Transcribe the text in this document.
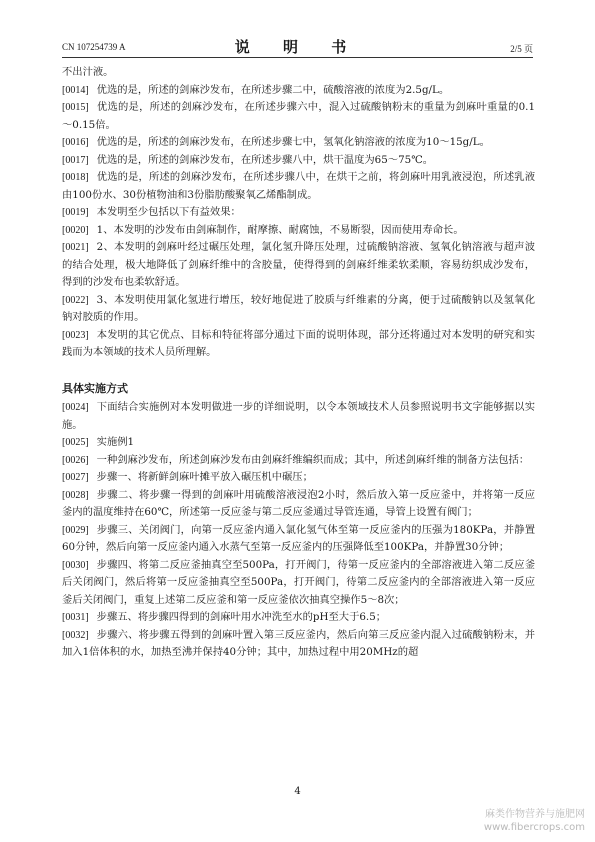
CN 107254739 A	说 明 书	2/5 页

不出汁液。

[0014] 优选的是，所述的剑麻沙发布，在所述步骤二中，硫酸溶液的浓度为2.5g/L。

[0015] 优选的是，所述的剑麻沙发布，在所述步骤六中，混入过硫酸钠粉末的重量为剑麻叶重量的0.1～0.15倍。

[0016] 优选的是，所述的剑麻沙发布，在所述步骤七中，氢氧化钠溶液的浓度为10～15g/L。

[0017] 优选的是，所述的剑麻沙发布，在所述步骤八中，烘干温度为65～75℃。

[0018] 优选的是，所述的剑麻沙发布，在所述步骤八中，在烘干之前，将剑麻叶用乳液浸泡，所述乳液由100份水、30份植物油和3份脂肪酸聚氧乙烯酯制成。

[0019] 本发明至少包括以下有益效果：

[0020] 1、本发明的沙发布由剑麻制作，耐摩擦、耐腐蚀，不易断裂，因而使用寿命长。

[0021] 2、本发明的剑麻叶经过碾压处理，氯化氢升降压处理，过硫酸钠溶液、氢氧化钠溶液与超声波的结合处理，极大地降低了剑麻纤维中的含胶量，使得得到的剑麻纤维柔软柔顺，容易纺织成沙发布，得到的沙发布也柔软舒适。

[0022] 3、本发明使用氯化氢进行增压，较好地促进了胶质与纤维素的分离，便于过硫酸钠以及氢氧化钠对胶质的作用。

[0023] 本发明的其它优点、目标和特征将部分通过下面的说明体现，部分还将通过对本发明的研究和实践而为本领域的技术人员所理解。

具体实施方式

[0024] 下面结合实施例对本发明做进一步的详细说明，以令本领域技术人员参照说明书文字能够据以实施。

[0025] 实施例1

[0026] 一种剑麻沙发布，所述剑麻沙发布由剑麻纤维编织而成；其中，所述剑麻纤维的制备方法包括：

[0027] 步骤一、将新鲜剑麻叶摊平放入碾压机中碾压；

[0028] 步骤二、将步骤一得到的剑麻叶用硫酸溶液浸泡2小时，然后放入第一反应釜中，并将第一反应釜内的温度维持在60℃，所述第一反应釜与第二反应釜通过导管连通，导管上设置有阀门；

[0029] 步骤三、关闭阀门，向第一反应釜内通入氯化氢气体至第一反应釜内的压强为180KPa，并静置60分钟，然后向第一反应釜内通入水蒸气至第一反应釜内的压强降低至100KPa，并静置30分钟；

[0030] 步骤四、将第二反应釜抽真空至500Pa，打开阀门，待第一反应釜内的全部溶液进入第二反应釜后关闭阀门，然后将第一反应釜抽真空至500Pa，打开阀门，待第二反应釜内的全部溶液进入第一反应釜后关闭阀门，重复上述第二反应釜和第一反应釜依次抽真空操作5～8次；

[0031] 步骤五、将步骤四得到的剑麻叶用水冲洗至水的pH至大于6.5；

[0032] 步骤六、将步骤五得到的剑麻叶置入第三反应釜内，然后向第三反应釜内混入过硫酸钠粉末，并加入1倍体积的水，加热至沸并保持40分钟；其中，加热过程中用20MHz的超

4
麻类作物营养与施肥网
www.fibercrops.com
